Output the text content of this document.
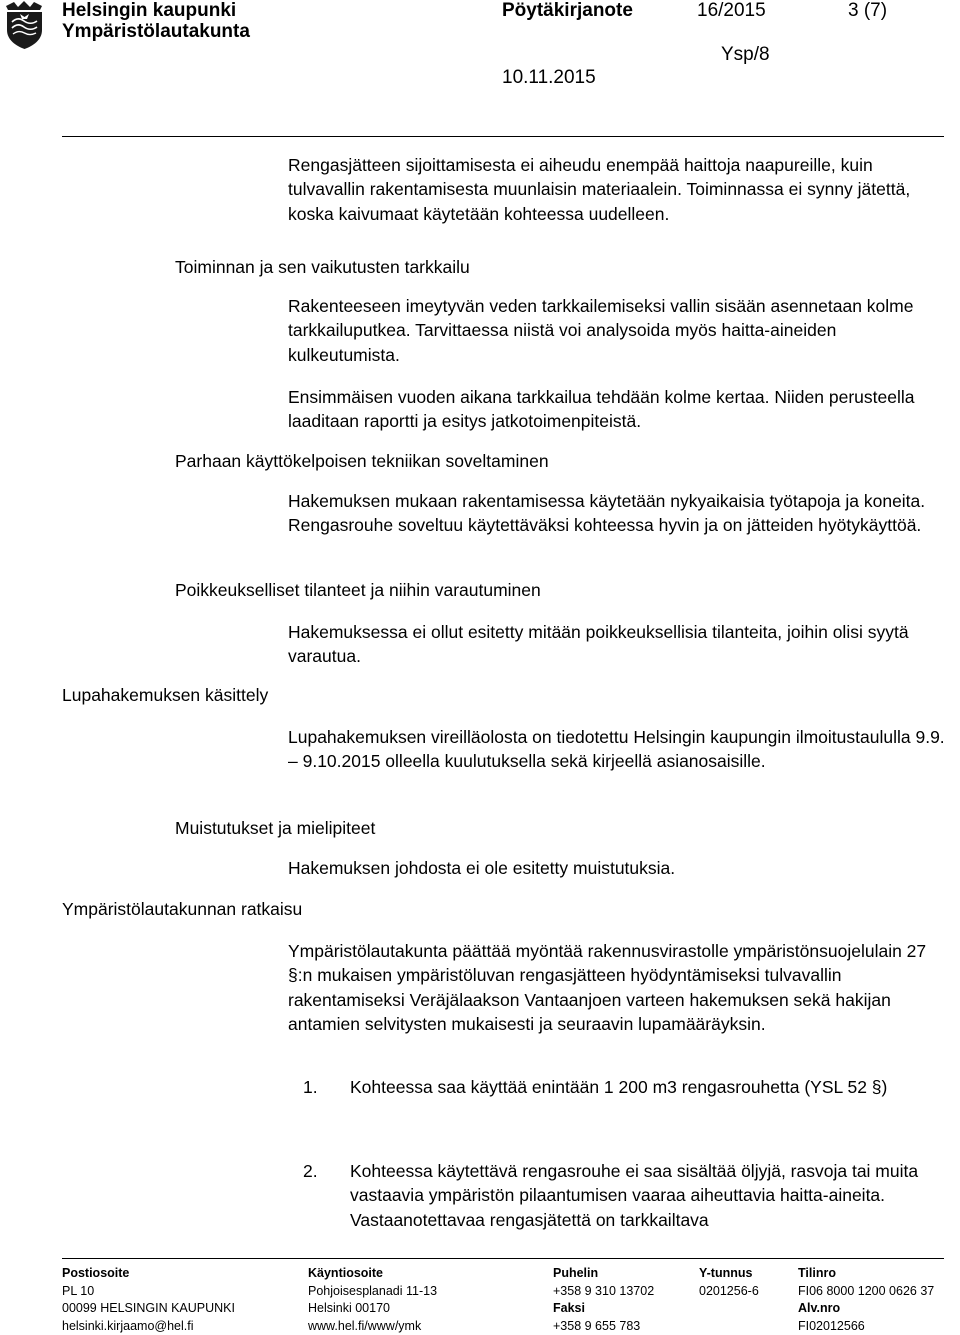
Helsingin kaupunki
Ympäristölautakunta
Pöytäkirjanote	16/2015	3 (7)
Ysp/8
10.11.2015
Rengasjätteen sijoittamisesta ei aiheudu enempää haittoja naapureille, kuin tulvavallin rakentamisesta muunlaisin materiaalein. Toiminnassa ei synny jätettä, koska kaivumaat käytetään kohteessa uudelleen.
Toiminnan ja sen vaikutusten tarkkailu
Rakenteeseen imeytyvän veden tarkkailemiseksi vallin sisään asennetaan kolme tarkkailuputkea. Tarvittaessa niistä voi analysoida myös haitta-aineiden kulkeutumista.
Ensimmäisen vuoden aikana tarkkailua tehdään kolme kertaa. Niiden perusteella laaditaan raportti ja esitys jatkotoimenpiteistä.
Parhaan käyttökelpoisen tekniikan soveltaminen
Hakemuksen mukaan rakentamisessa käytetään nykyaikaisia työtapoja ja koneita. Rengasrouhe soveltuu käytettäväksi kohteessa hyvin ja on jätteiden hyötykäyttöä.
Poikkeukselliset tilanteet ja niihin varautuminen
Hakemuksessa ei ollut esitetty mitään poikkeuksellisia tilanteita, joihin olisi syytä varautua.
Lupahakemuksen käsittely
Lupahakemuksen vireilläolosta on tiedotettu Helsingin kaupungin ilmoitustaululla 9.9. – 9.10.2015 olleella kuulutuksella sekä kirjeellä asianosaisille.
Muistutukset ja mielipiteet
Hakemuksen johdosta ei ole esitetty muistutuksia.
Ympäristölautakunnan ratkaisu
Ympäristölautakunta päättää myöntää rakennusvirastolle ympäristönsuojelulain 27 §:n mukaisen ympäristöluvan rengasjätteen hyödyntämiseksi tulvavallin rakentamiseksi Veräjälaakson Vantaanjoen varteen hakemuksen sekä hakijan antamien selvitysten mukaisesti ja seuraavin lupamääräyksin.
1. Kohteessa saa käyttää enintään 1 200 m3 rengasrouhetta (YSL 52 §)
2. Kohteessa käytettävä rengasrouhe ei saa sisältää öljyjä, rasvoja tai muita vastaavia ympäristön pilaantumisen vaaraa aiheuttavia haitta-aineita. Vastaanotettavaa rengasjätettä on tarkkailtava
Postiosoite
PL 10
00099 HELSINGIN KAUPUNKI
helsinki.kirjaamo@hel.fi
Käyntiosoite
Pohjoisesplanadi 11-13
Helsinki 00170
www.hel.fi/www/ymk
Puhelin
+358 9 310 13702
Faksi
+358 9 655 783
Y-tunnus
0201256-6
Tilinro
FI06 8000 1200 0626 37
Alv.nro
FI02012566
